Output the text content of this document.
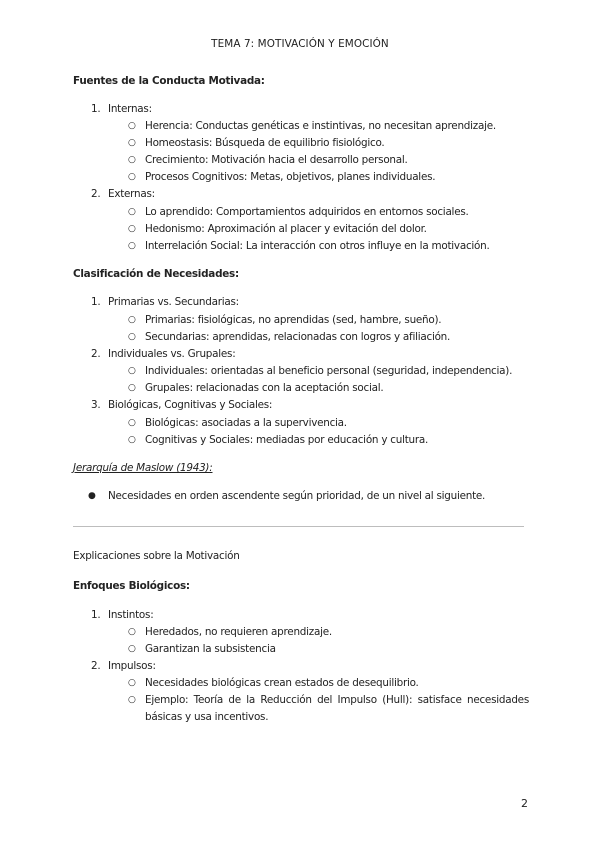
TEMA 7: MOTIVACIÓN Y EMOCIÓN
Fuentes de la Conducta Motivada:
1. Internas:
○ Herencia: Conductas genéticas e instintivas, no necesitan aprendizaje.
○ Homeostasis: Búsqueda de equilibrio fisiológico.
○ Crecimiento: Motivación hacia el desarrollo personal.
○ Procesos Cognitivos: Metas, objetivos, planes individuales.
2. Externas:
○ Lo aprendido: Comportamientos adquiridos en entornos sociales.
○ Hedonismo: Aproximación al placer y evitación del dolor.
○ Interrelación Social: La interacción con otros influye en la motivación.
Clasificación de Necesidades:
1. Primarias vs. Secundarias:
○ Primarias: fisiológicas, no aprendidas (sed, hambre, sueño).
○ Secundarias: aprendidas, relacionadas con logros y afiliación.
2. Individuales vs. Grupales:
○ Individuales: orientadas al beneficio personal (seguridad, independencia).
○ Grupales: relacionadas con la aceptación social.
3. Biológicas, Cognitivas y Sociales:
○ Biológicas: asociadas a la supervivencia.
○ Cognitivas y Sociales: mediadas por educación y cultura.
Jerarquía de Maslow (1943):
● Necesidades en orden ascendente según prioridad, de un nivel al siguiente.
Explicaciones sobre la Motivación
Enfoques Biológicos:
1. Instintos:
○ Heredados, no requieren aprendizaje.
○ Garantizan la subsistencia
2. Impulsos:
○ Necesidades biológicas crean estados de desequilibrio.
○ Ejemplo: Teoría de la Reducción del Impulso (Hull): satisface necesidades básicas y usa incentivos.
2
